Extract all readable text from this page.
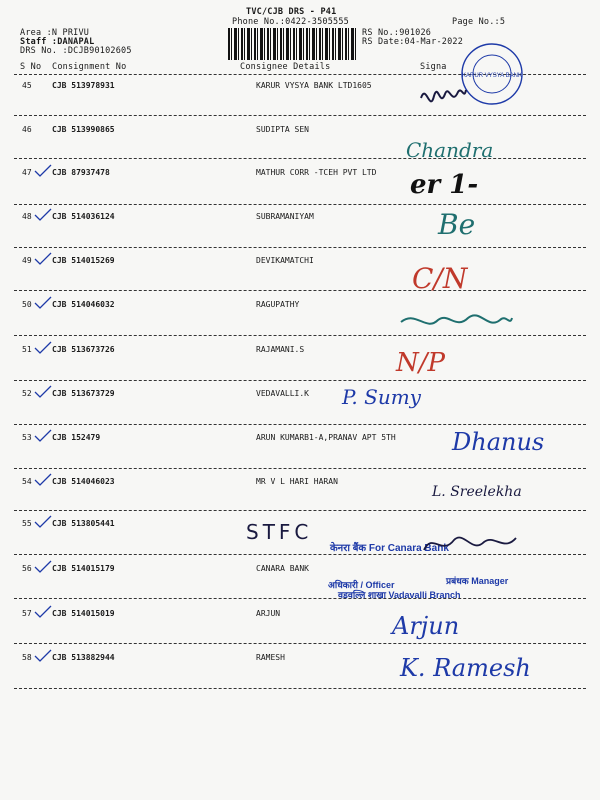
TVC/CJB DRS - P41
Phone No.:0422-3505555	Page No.:5
Area :N PRIVU
Staff :DANAPAL
DRS No. :DCJB90102605
RS No.:901026
RS Date:04-Mar-2022
S No Consignment No	Consignee Details	Signa
45	CJB 513978931	KARUR VYSYA BANK LTD1605
46	CJB 513990865	SUDIPTA SEN
47	CJB 87937478	MATHUR CORR -TCEH PVT LTD
48	CJB 514036124	SUBRAMANIYAM
49	CJB 514015269	DEVIKAMATCHI
50	CJB 514046032	RAGUPATHY
51	CJB 513673726	RAJAMANI.S
52	CJB 513673729	VEDAVALLI.K
53	CJB 152479	ARUN KUMARB1-A,PRANAV APT 5TH
54	CJB 514046023	MR V L HARI HARAN
55	CJB 513805441
56	CJB 514015179	CANARA BANK
57	CJB 514015019	ARJUN
58	CJB 513882944	RAMESH
KARUR VYSYA BANK
Chandra
er 1-
Be
C/N
N/P
P. Sumy
Dhanus
L. Sreelekha
STFC
केनरा बैंक For Canara Bank
अधिकारी / Officer	प्रबंधक Manager
वडवल्लि शाखा Vadavalli Branch
Arjun
K. Ramesh
